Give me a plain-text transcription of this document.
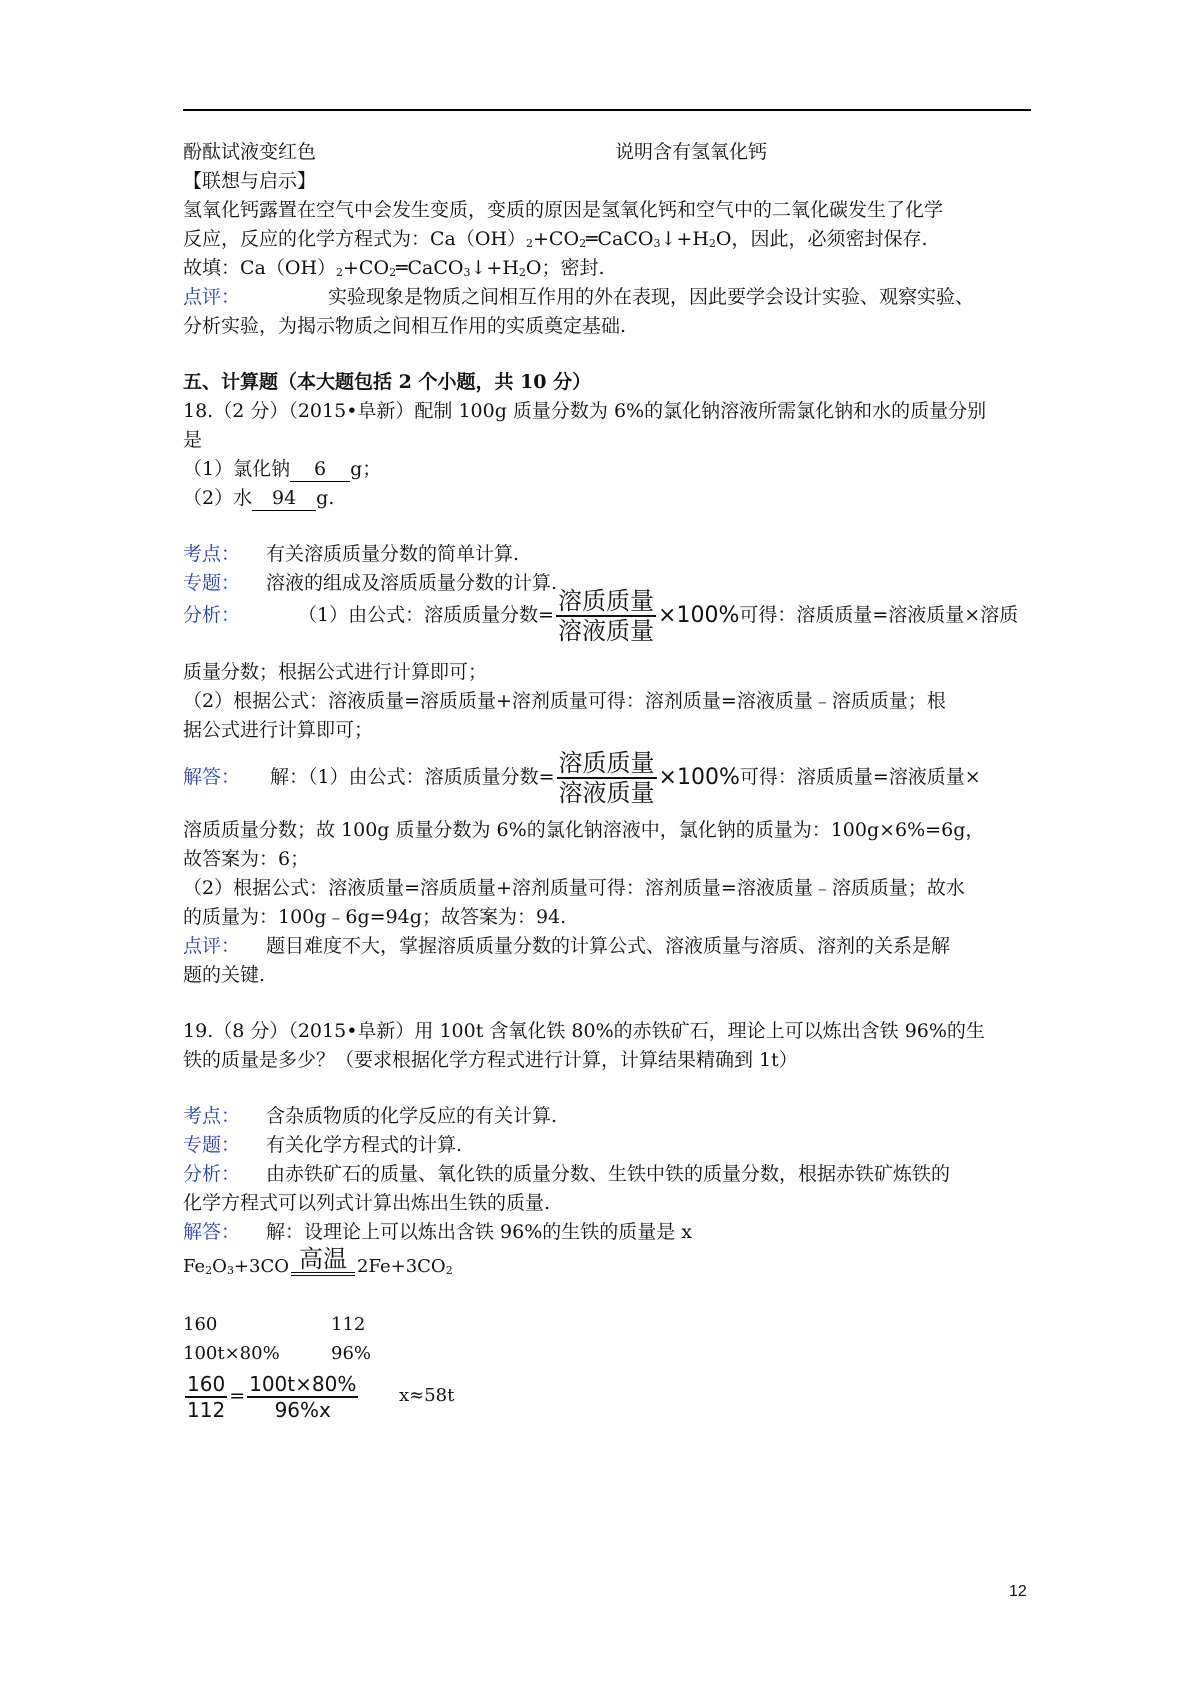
酚酞试液变红色	说明含有氢氧化钙
【联想与启示】
氢氧化钙露置在空气中会发生变质，变质的原因是氢氧化钙和空气中的二氧化碳发生了化学
反应，反应的化学方程式为：$Ca(OH)_2+CO_2═CaCO_3↓+H_2O$，因此，必须密封保存.
故填：$Ca(OH)_2+CO_2═CaCO_3↓+H_2O$；密封.
点评：	实验现象是物质之间相互作用的外在表现，因此要学会设计实验、观察实验、
分析实验，为揭示物质之间相互作用的实质奠定基础.
五、计算题（本大题包括 2 个小题，共 10 分）
18.（2 分）（2015•阜新）配制 100g 质量分数为 6%的氯化钠溶液所需氯化钠和水的质量分别
是
（1）氯化钠 6 g；
（2）水 94 g.
考点： 有关溶质质量分数的简单计算.
专题： 溶液的组成及溶质质量分数的计算.
分析：	（1）由公式：溶质质量分数= $\frac{\text{溶质质量}}{\text{溶液质量}} \times 100\%$可得：溶质质量=溶液质量×溶质
质量分数；根据公式进行计算即可；
（2）根据公式：溶液质量=溶质质量+溶剂质量可得：溶剂质量=溶液质量﹣溶质质量；根
据公式进行计算即可；
解答： 解：（1）由公式：溶质质量分数= $\frac{\text{溶质质量}}{\text{溶液质量}} \times 100\%$可得：溶质质量=溶液质量×
溶质质量分数；故 100g 质量分数为 6%的氯化钠溶液中，氯化钠的质量为：100g×6%=6g，
故答案为：6；
（2）根据公式：溶液质量=溶质质量+溶剂质量可得：溶剂质量=溶液质量﹣溶质质量；故水
的质量为：100g﹣6g=94g；故答案为：94.
点评： 题目难度不大，掌握溶质质量分数的计算公式、溶液质量与溶质、溶剂的关系是解
题的关键.
19.（8 分）（2015•阜新）用 100t 含氧化铁 80%的赤铁矿石，理论上可以炼出含铁 96%的生
铁的质量是多少？（要求根据化学方程式进行计算，计算结果精确到 1t）
考点： 含杂质物质的化学反应的有关计算.
专题： 有关化学方程式的计算.
分析： 由赤铁矿石的质量、氧化铁的质量分数、生铁中铁的质量分数，根据赤铁矿炼铁的
化学方程式可以列式计算出炼出生铁的质量.
解答： 解：设理论上可以炼出含铁 96%的生铁的质量是 x
$Fe_2O_3+3CO$ 高温 $2Fe+3CO_2$
160	112
100t×80%	96%
$\frac{160}{112} = \frac{100t\times 80\%}{96\%x} x\approx 58t$
12
